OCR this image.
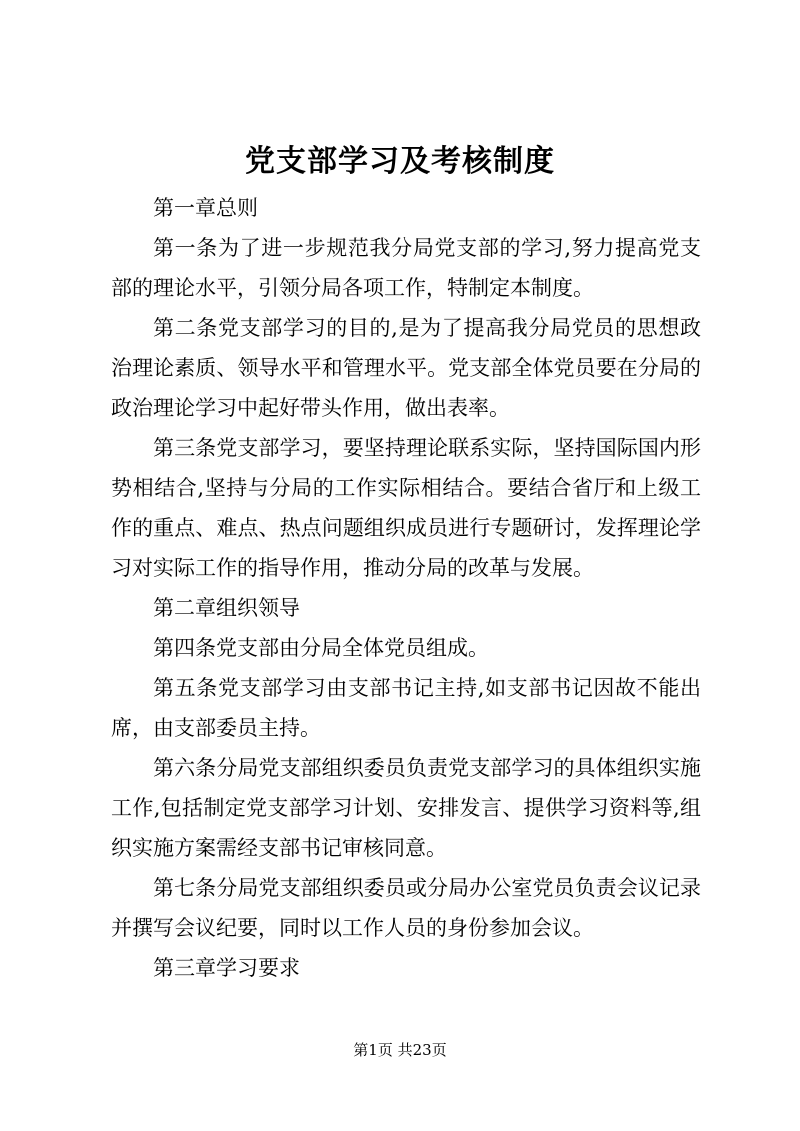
党支部学习及考核制度

第一章总则

第一条为了进一步规范我分局党支部的学习,努力提高党支部的理论水平，引领分局各项工作，特制定本制度。

第二条党支部学习的目的,是为了提高我分局党员的思想政治理论素质、领导水平和管理水平。党支部全体党员要在分局的政治理论学习中起好带头作用，做出表率。

第三条党支部学习，要坚持理论联系实际，坚持国际国内形势相结合,坚持与分局的工作实际相结合。要结合省厅和上级工作的重点、难点、热点问题组织成员进行专题研讨，发挥理论学习对实际工作的指导作用，推动分局的改革与发展。

第二章组织领导

第四条党支部由分局全体党员组成。

第五条党支部学习由支部书记主持,如支部书记因故不能出席，由支部委员主持。

第六条分局党支部组织委员负责党支部学习的具体组织实施工作,包括制定党支部学习计划、安排发言、提供学习资料等,组织实施方案需经支部书记审核同意。

第七条分局党支部组织委员或分局办公室党员负责会议记录并撰写会议纪要，同时以工作人员的身份参加会议。

第三章学习要求

第1页 共23页
